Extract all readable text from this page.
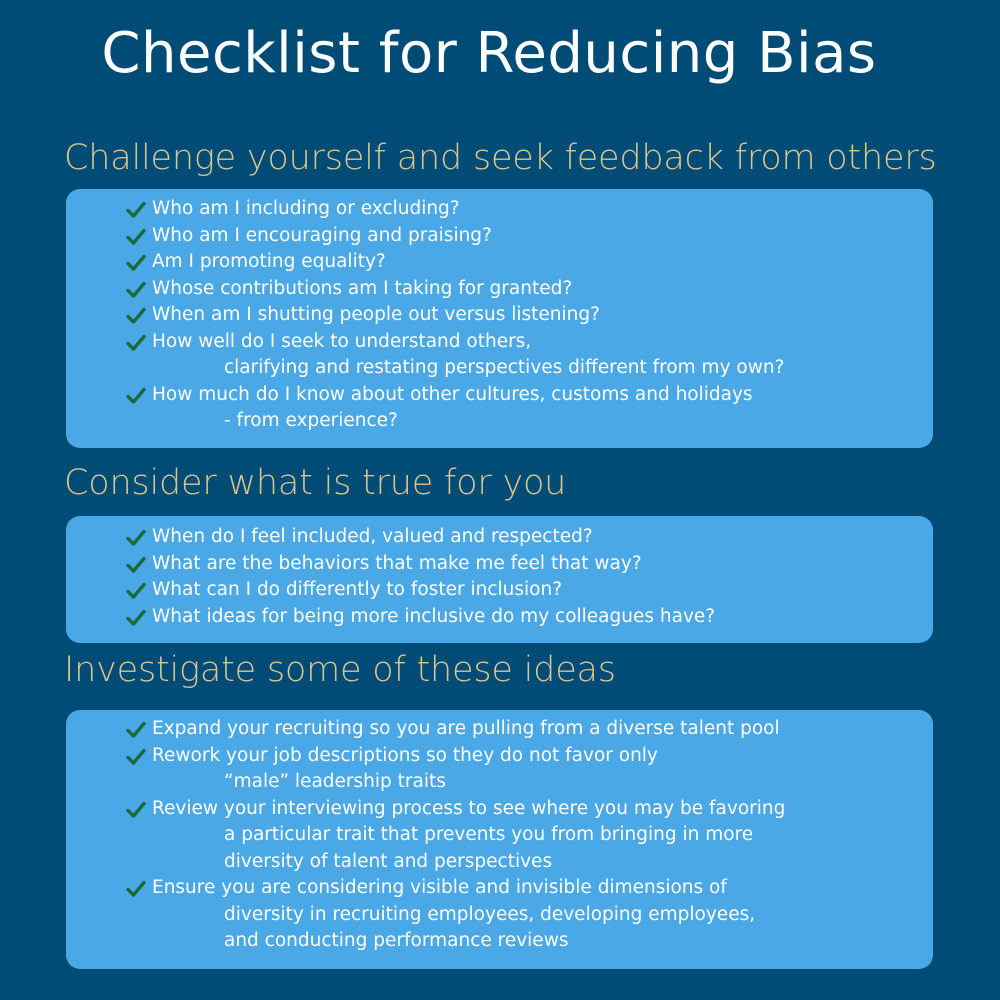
Checklist for Reducing Bias
Challenge yourself and seek feedback from others
Who am I including or excluding?
Who am I encouraging and praising?
Am I promoting equality?
Whose contributions am I taking for granted?
When am I shutting people out versus listening?
How well do I seek to understand others,
clarifying and restating perspectives different from my own?
How much do I know about other cultures, customs and holidays
- from experience?
Consider what is true for you
When do I feel included, valued and respected?
What are the behaviors that make me feel that way?
What can I do differently to foster inclusion?
What ideas for being more inclusive do my colleagues have?
Investigate some of these ideas
Expand your recruiting so you are pulling from a diverse talent pool
Rework your job descriptions so they do not favor only
“male” leadership traits
Review your interviewing process to see where you may be favoring
a particular trait that prevents you from bringing in more
diversity of talent and perspectives
Ensure you are considering visible and invisible dimensions of
diversity in recruiting employees, developing employees,
and conducting performance reviews
